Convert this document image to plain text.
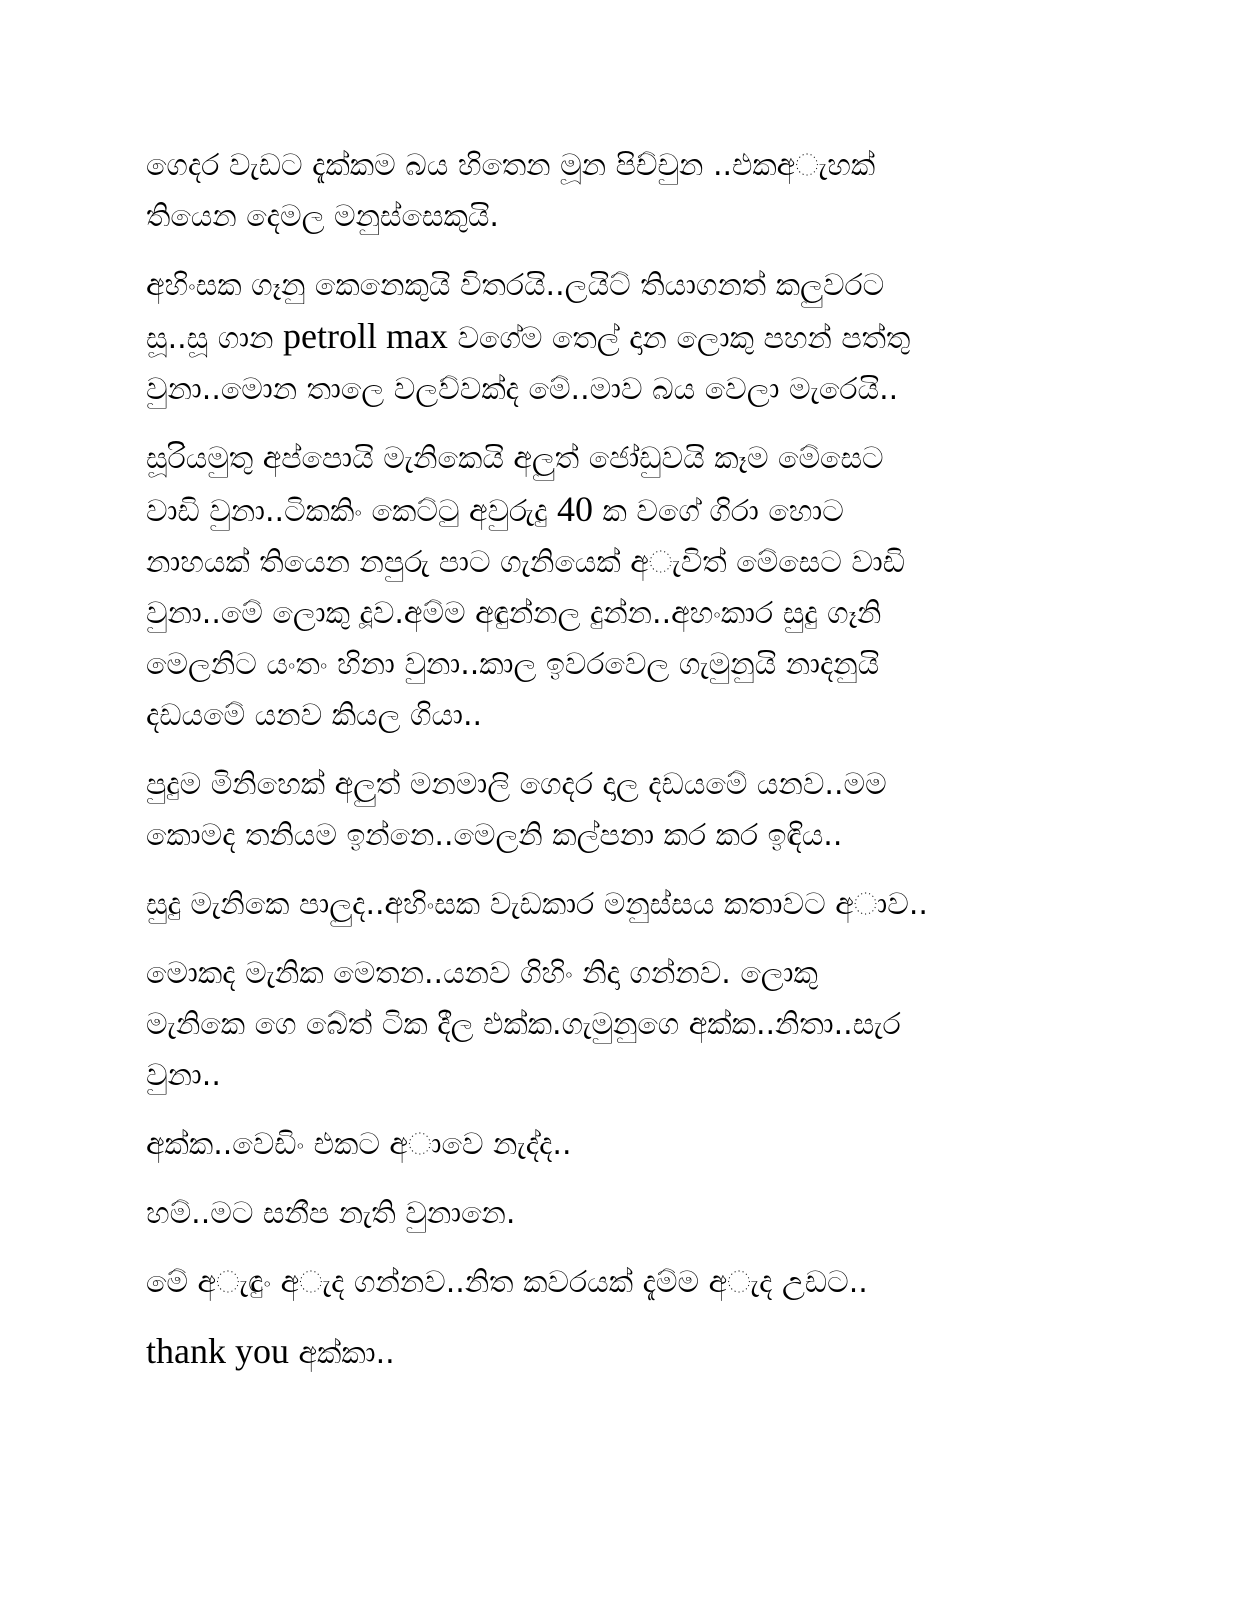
ගෙදර වැඩට දැක්කම බය හිතෙන මූන පිච්චුන ..එකඅැහක්
තියෙන දෙමල මනුස්සෙකුයි.

අහිංසක ගෑනු කෙනෙකුයි විතරයි..ලයිට් තියාගනත් කලුවරට
සූ..සූ ගාන petroll max වගේම තෙල් දාන ලොකු පහන් පත්තු
වුනා..මොන තාලෙ වලව්වක්ද මේ..මාව බය වෙලා මැරෙයි..

සූරියමුතු අප්පොයි මැනිකෙයි අලුත් ජෝඩුවයි කෑම මේසෙට
වාඩි වුනා..ටිකකිං කෙට්ටු අවුරුදු 40 ක වගේ ගිරා හොට
නාහයක් තියෙන නපුරු පාට ගැනියෙක් අැවිත් මේසෙට වාඩි
වුනා..මේ ලොකු දූව.අම්ම අඳුන්නල දුන්න..අහංකාර සුදු ගෑනි
මෙලනිට යංතං හිනා වුනා..කාල ඉවරවෙල ගැමුනුයි නාදනුයි
දඩයමේ යනව කියල ගියා..

පුදුම මිනිහෙක් අලුත් මනමාලි ගෙදර දාල දඩයමේ යනව..මම
කොමද තනියම ඉන්නෙ..මෙලනි කල්පනා කර කර ඉඳිය..

සුදු මැනිකෙ පාලුද..අහිංසක වැඩකාර මනුස්සය කතාවට අාව..

මොකද මැනික මෙතන..යනව ගිහිං නිදා ගන්නව. ලොකු
මැනිකෙ ගෙ බේත් ටික දීල එක්ක.ගැමුනුගෙ අක්ක..නිතා..සැර
වුනා..

අක්ක..වෙඩිං එකට අාවෙ නැද්ද..

හම්..මට සනීප නැති වුනානෙ.

මේ අැඳුං අැද ගන්නව..නිත කවරයක් දැම්ම අැද උඩට..

thank you අක්කා..
